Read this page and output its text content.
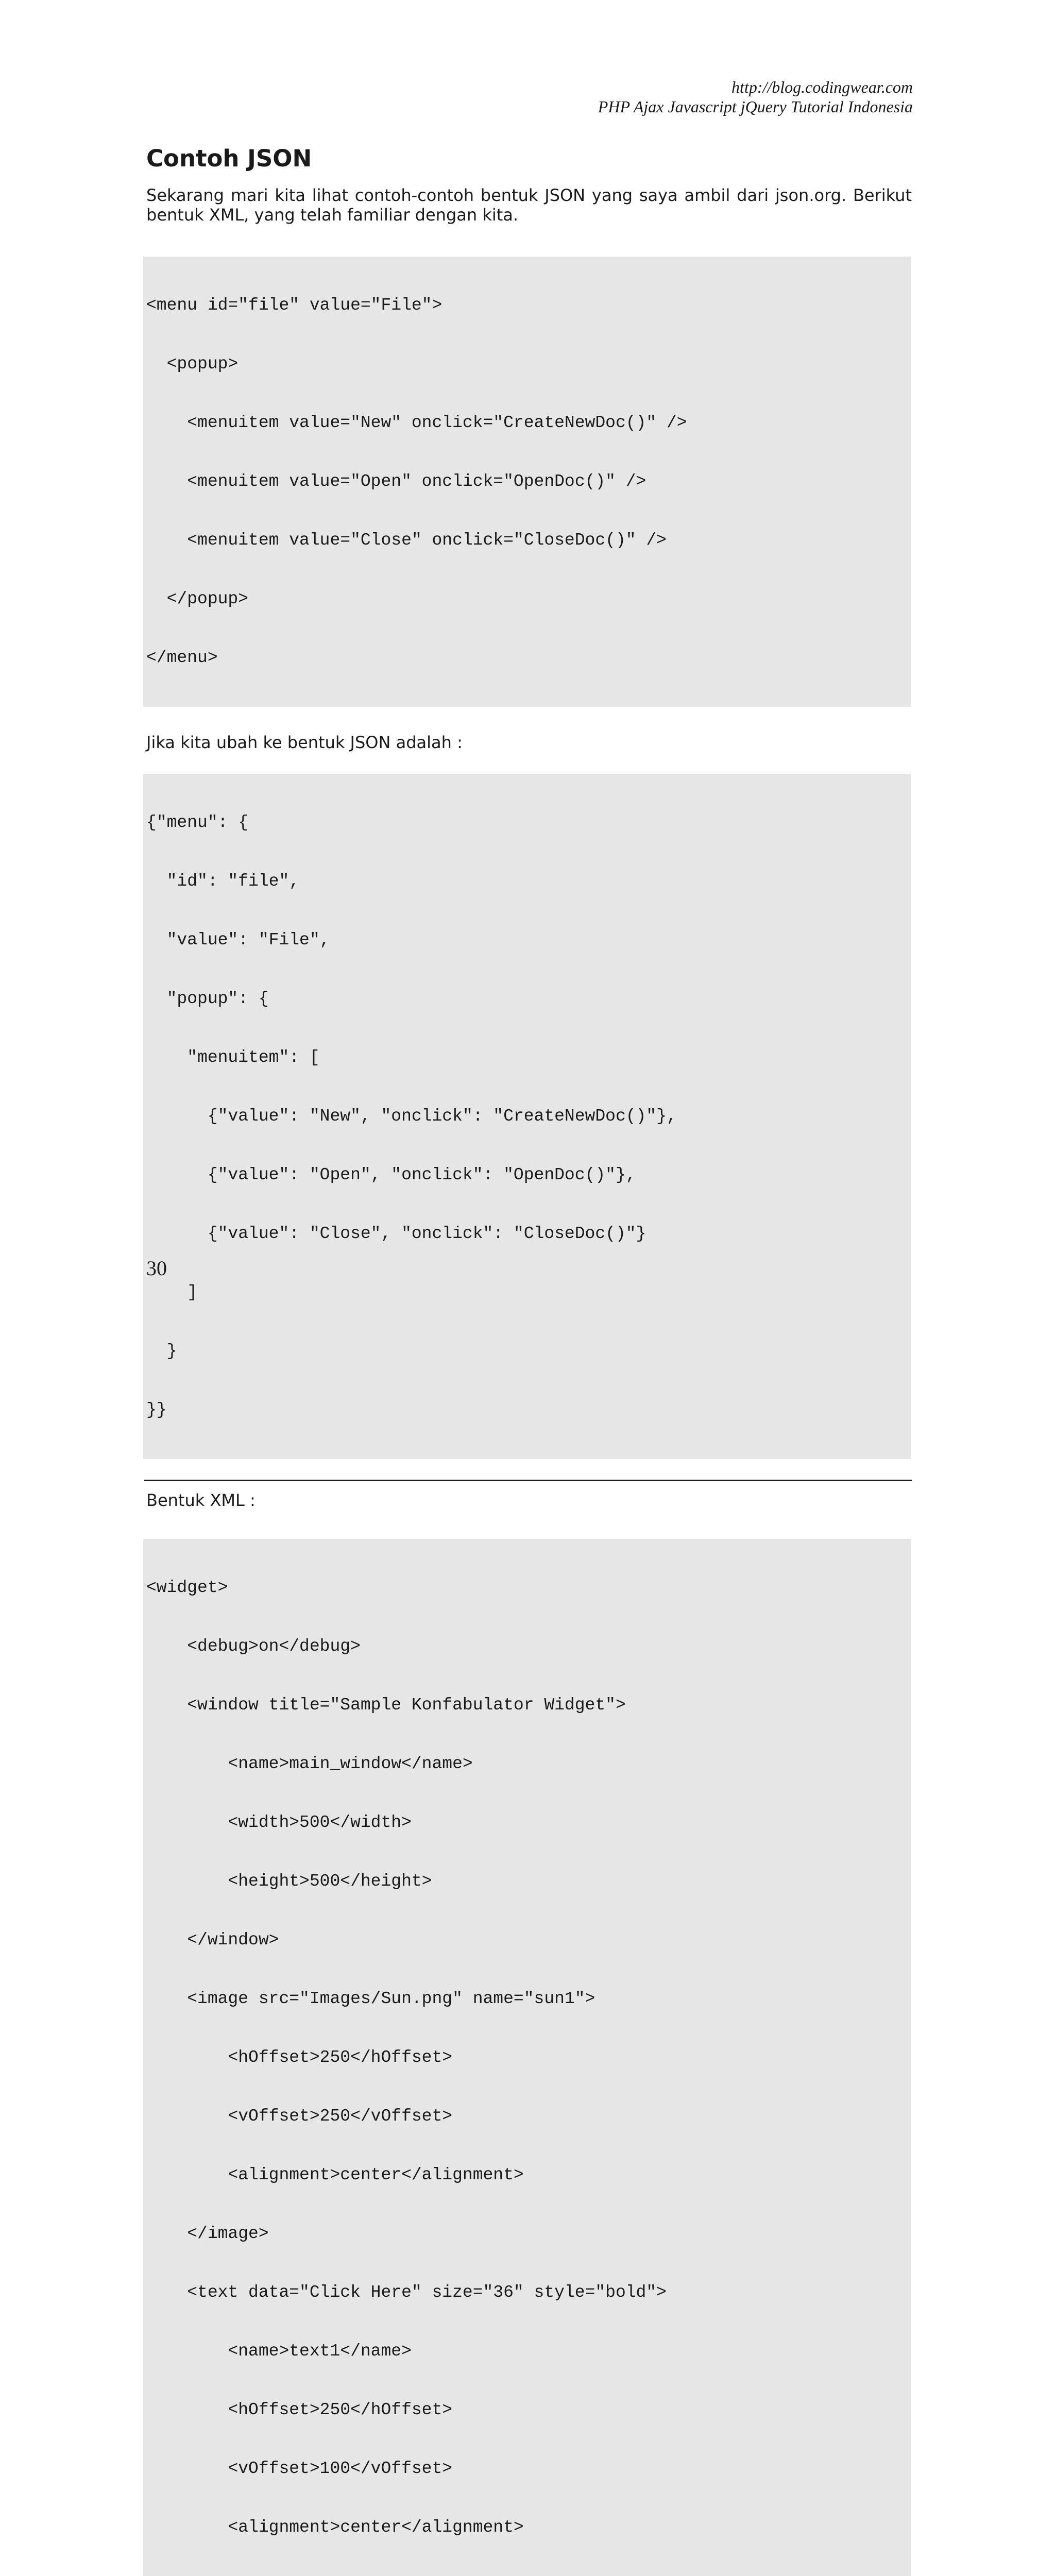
http://blog.codingwear.com
PHP Ajax Javascript jQuery Tutorial Indonesia
Contoh JSON

Sekarang mari kita lihat contoh-contoh bentuk JSON yang saya ambil dari json.org. Berikut bentuk XML, yang telah familiar dengan kita.

<menu id="file" value="File">

<popup>

<menuitem value="New" onclick="CreateNewDoc()" />

<menuitem value="Open" onclick="OpenDoc()" />

<menuitem value="Close" onclick="CloseDoc()" />

</popup>

</menu>

Jika kita ubah ke bentuk JSON adalah :

{"menu": {

"id": "file",

"value": "File",

"popup": {

"menuitem": [

{"value": "New", "onclick": "CreateNewDoc()"},

{"value": "Open", "onclick": "OpenDoc()"},

{"value": "Close", "onclick": "CloseDoc()"}

]

}

}}

Bentuk XML :

<widget>

<debug>on</debug>

<window title="Sample Konfabulator Widget">

<name>main_window</name>

<width>500</width>

<height>500</height>

</window>

<image src="Images/Sun.png" name="sun1">

<hOffset>250</hOffset>

<vOffset>250</vOffset>

<alignment>center</alignment>

</image>

<text data="Click Here" size="36" style="bold">

<name>text1</name>

<hOffset>250</hOffset>

<vOffset>100</vOffset>

<alignment>center</alignment>

30
